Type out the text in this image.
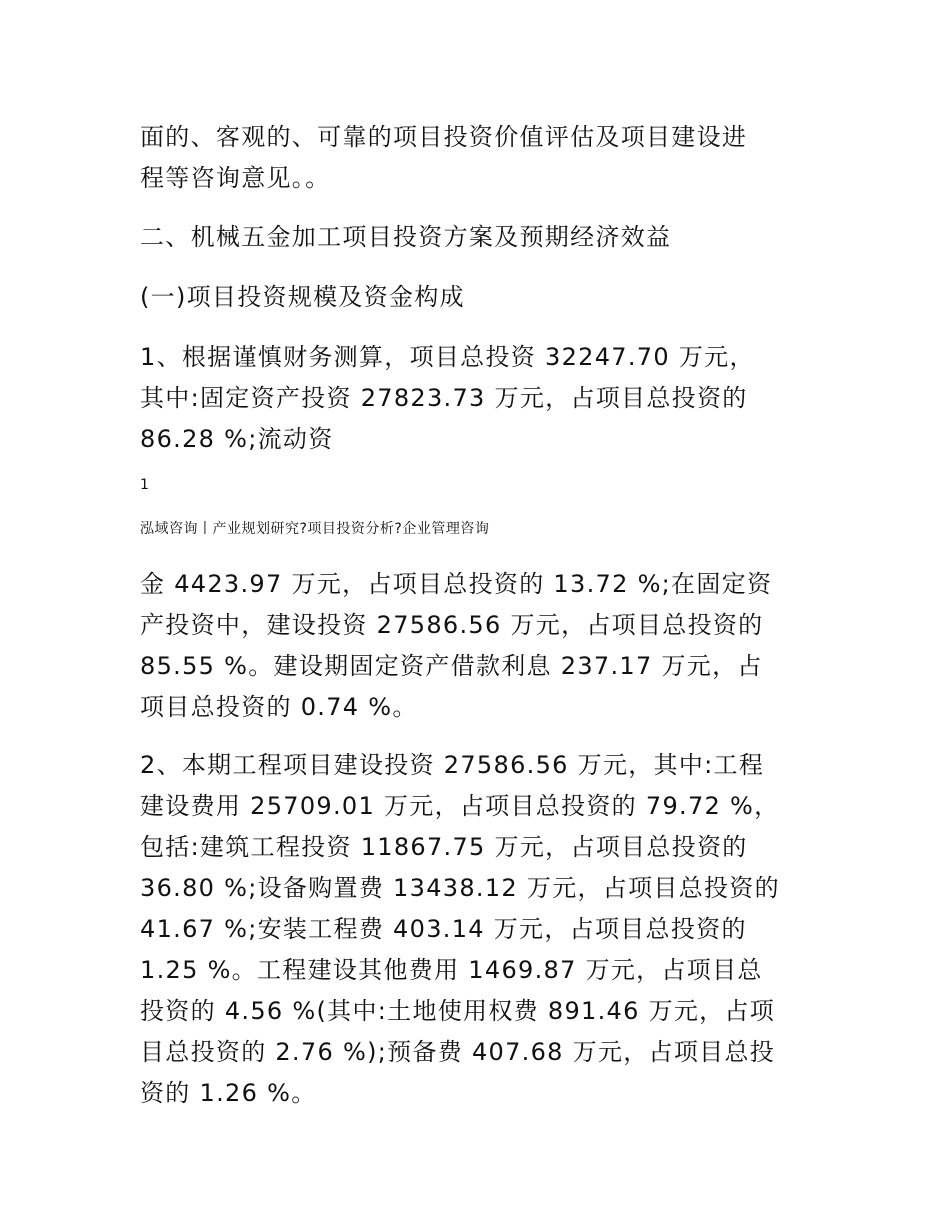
面的、客观的、可靠的项目投资价值评估及项目建设进
程等咨询意见。。
二、机械五金加工项目投资方案及预期经济效益
(一)项目投资规模及资金构成
1、根据谨慎财务测算，项目总投资 32247.70 万元，
其中:固定资产投资 27823.73 万元，占项目总投资的
86.28 %;流动资
1
泓域咨询丨产业规划研究?项目投资分析?企业管理咨询
金 4423.97 万元，占项目总投资的 13.72 %;在固定资
产投资中，建设投资 27586.56 万元，占项目总投资的
85.55 %。建设期固定资产借款利息 237.17 万元，占
项目总投资的 0.74 %。
2、本期工程项目建设投资 27586.56 万元，其中:工程
建设费用 25709.01 万元，占项目总投资的 79.72 %，
包括:建筑工程投资 11867.75 万元，占项目总投资的
36.80 %;设备购置费 13438.12 万元，占项目总投资的
41.67 %;安装工程费 403.14 万元，占项目总投资的
1.25 %。工程建设其他费用 1469.87 万元，占项目总
投资的 4.56 %(其中:土地使用权费 891.46 万元，占项
目总投资的 2.76 %);预备费 407.68 万元，占项目总投
资的 1.26 %。
